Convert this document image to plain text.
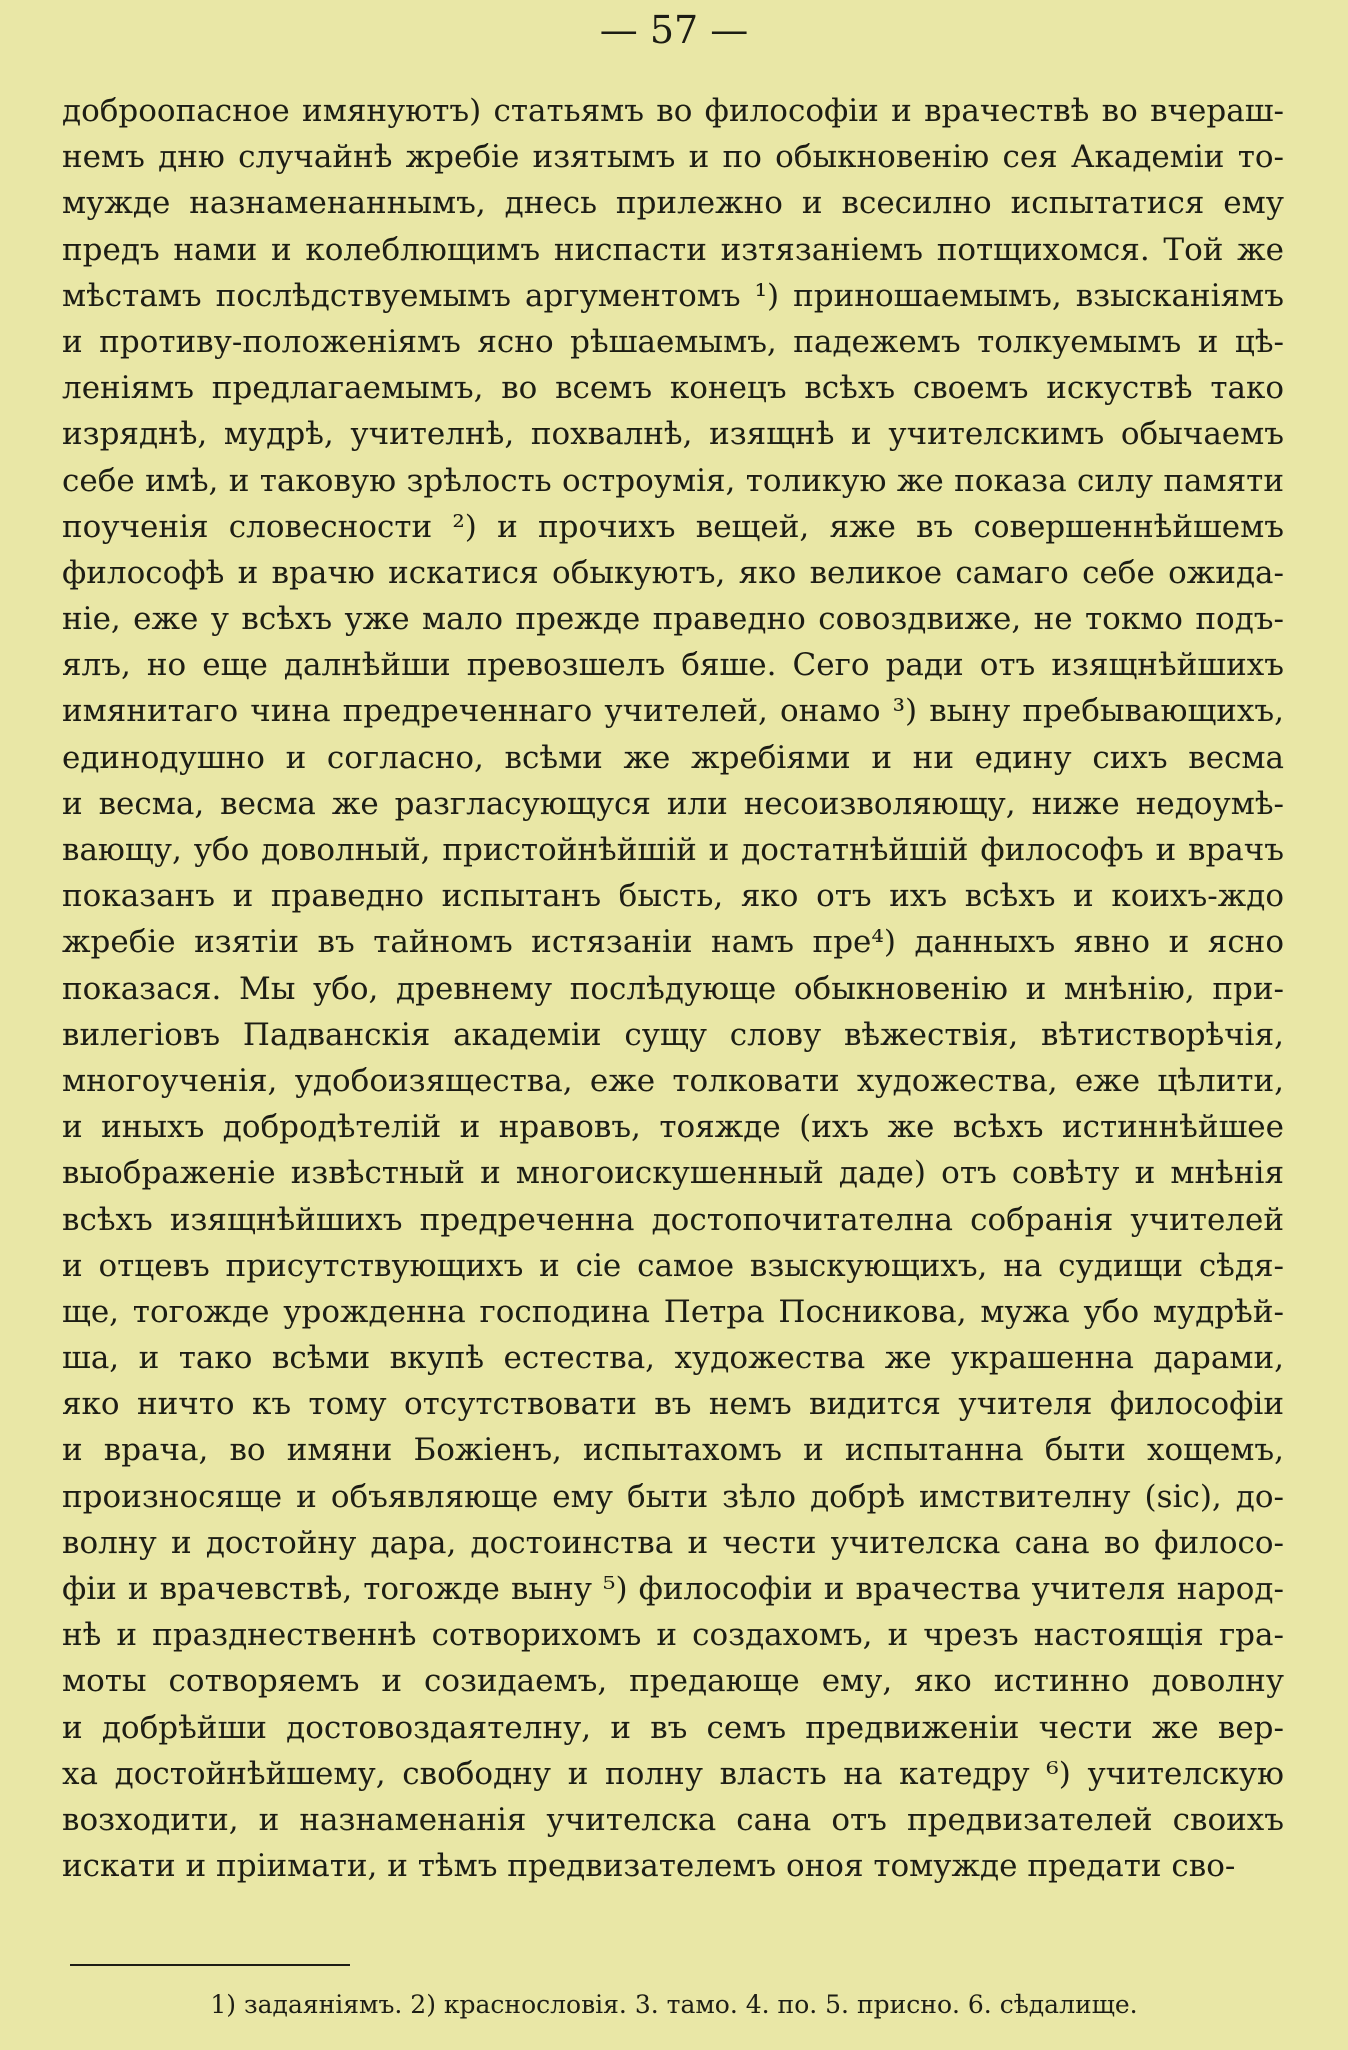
— 57 —
доброопасное имянуютъ) статьямъ во философіи и врачествѣ во вчераш-
немъ дню случайнѣ жребіе изятымъ и по обыкновенію сея Академіи то-
мужде назнаменаннымъ, днесь прилежно и всесилно испытатися ему
предъ нами и колеблющимъ ниспасти изтязаніемъ потщихомся. Той же
мѣстамъ послѣдствуемымъ аргументомъ ¹) приношаемымъ, взысканіямъ
и противу-положеніямъ ясно рѣшаемымъ, падежемъ толкуемымъ и цѣ-
леніямъ предлагаемымъ, во всемъ конецъ всѣхъ своемъ искуствѣ тако
изряднѣ, мудрѣ, учителнѣ, похвалнѣ, изящнѣ и учителскимъ обычаемъ
себе имѣ, и таковую зрѣлость остроумія, толикую же показа силу памяти
поученія словесности ²) и прочихъ вещей, яже въ совершеннѣйшемъ
философѣ и врачю искатися обыкуютъ, яко великое самаго себе ожида-
ніе, еже у всѣхъ уже мало прежде праведно совоздвиже, не токмо подъ-
ялъ, но еще далнѣйши превозшелъ бяше. Сего ради отъ изящнѣйшихъ
имянитаго чина предреченнаго учителей, онамо ³) выну пребывающихъ,
единодушно и согласно, всѣми же жребіями и ни едину сихъ весма
и весма, весма же разгласующуся или несоизволяющу, ниже недоумѣ-
вающу, убо доволный, пристойнѣйшій и достатнѣйшій философъ и врачъ
показанъ и праведно испытанъ бысть, яко отъ ихъ всѣхъ и коихъ-ждо
жребіе изятіи въ тайномъ истязаніи намъ пре⁴) данныхъ явно и ясно
показася. Мы убо, древнему послѣдующе обыкновенію и мнѣнію, при-
вилегіовъ Падванскія академіи сущу слову вѣжествія, вѣтистворѣчія,
многоученія, удобоизящества, еже толковати художества, еже цѣлити,
и иныхъ добродѣтелій и нравовъ, тояжде (ихъ же всѣхъ истиннѣйшее
выображеніе извѣстный и многоискушенный даде) отъ совѣту и мнѣнія
всѣхъ изящнѣйшихъ предреченна достопочитателна собранія учителей
и отцевъ присутствующихъ и сіе самое взыскующихъ, на судищи сѣдя-
ще, тогожде урожденна господина Петра Посникова, мужа убо мудрѣй-
ша, и тако всѣми вкупѣ естества, художества же украшенна дарами,
яко ничто къ тому отсутствовати въ немъ видится учителя философіи
и врача, во имяни Божіенъ, испытахомъ и испытанна быти хощемъ,
произносяще и объявляюще ему быти зѣло добрѣ имствителну (sic), до-
волну и достойну дара, достоинства и чести учителска сана во филосо-
фіи и врачевствѣ, тогожде выну ⁵) философіи и врачества учителя народ-
нѣ и празднественнѣ сотворихомъ и создахомъ, и чрезъ настоящія гра-
моты сотворяемъ и созидаемъ, предающе ему, яко истинно доволну
и добрѣйши достовоздаятелну, и въ семъ предвиженіи чести же вер-
ха достойнѣйшему, свободну и полну власть на катедру ⁶) учителскую
возходити, и назнаменанія учителска сана отъ предвизателей своихъ
искати и пріимати, и тѣмъ предвизателемъ оноя томужде предати сво-
1) задаяніямъ. 2) краснословія. 3. тамо. 4. по. 5. присно. 6. сѣдалище.
